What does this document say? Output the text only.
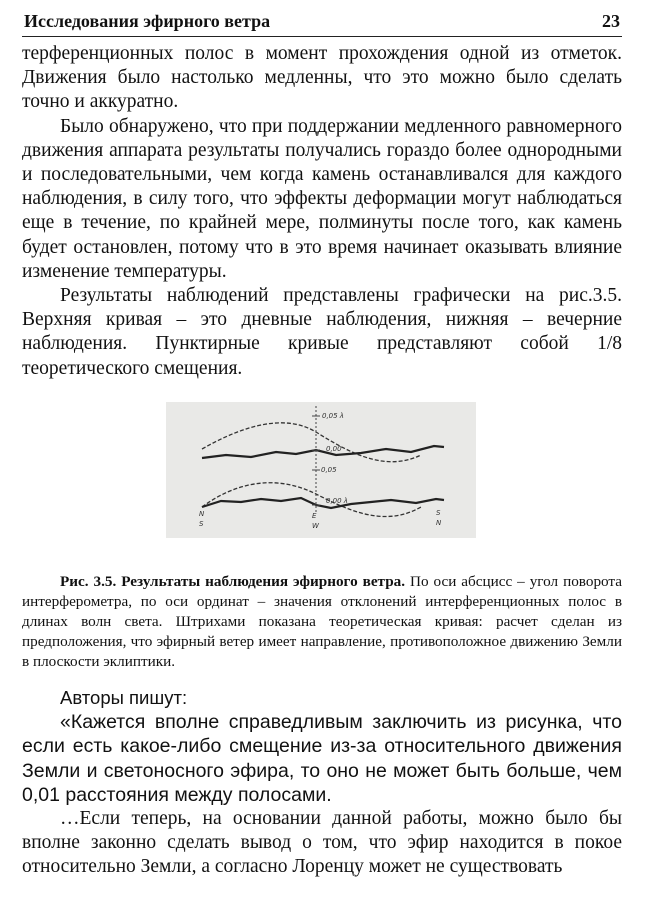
Исследования эфирного ветра	23

терференционных полос в момент прохождения одной из отметок. Движения было настолько медленны, что это можно было сделать точно и аккуратно.

Было обнаружено, что при поддержании медленного равномерного движения аппарата результаты получались гораздо более однородными и последовательными, чем когда камень останавливался для каждого наблюдения, в силу того, что эффекты деформации могут наблюдаться еще в течение, по крайней мере, полминуты после того, как камень будет остановлен, потому что в это время начинает оказывать влияние изменение температуры.

Результаты наблюдений представлены графически на рис.3.5. Верхняя кривая – это дневные наблюдения, нижняя – вечерние наблюдения. Пунктирные кривые представляют собой 1/8 теоретического смещения.

0,05 λ
0,00
0,05
0,00 λ
N
S
E
W
S
N
Рис. 3.5. Результаты наблюдения эфирного ветра. По оси абсцисс – угол поворота интерферометра, по оси ординат – значения отклонений интерференционных полос в длинах волн света. Штрихами показана теоретическая кривая: расчет сделан из предположения, что эфирный ветер имеет направление, противоположное движению Земли в плоскости эклиптики.

Авторы пишут:

«Кажется вполне справедливым заключить из рисунка, что если есть какое-либо смещение из-за относительного движения Земли и светоносного эфира, то оно не может быть больше, чем 0,01 расстояния между полосами.

…Если теперь, на основании данной работы, можно было бы вполне законно сделать вывод о том, что эфир находится в покое относительно Земли, а согласно Лоренцу может не существовать
